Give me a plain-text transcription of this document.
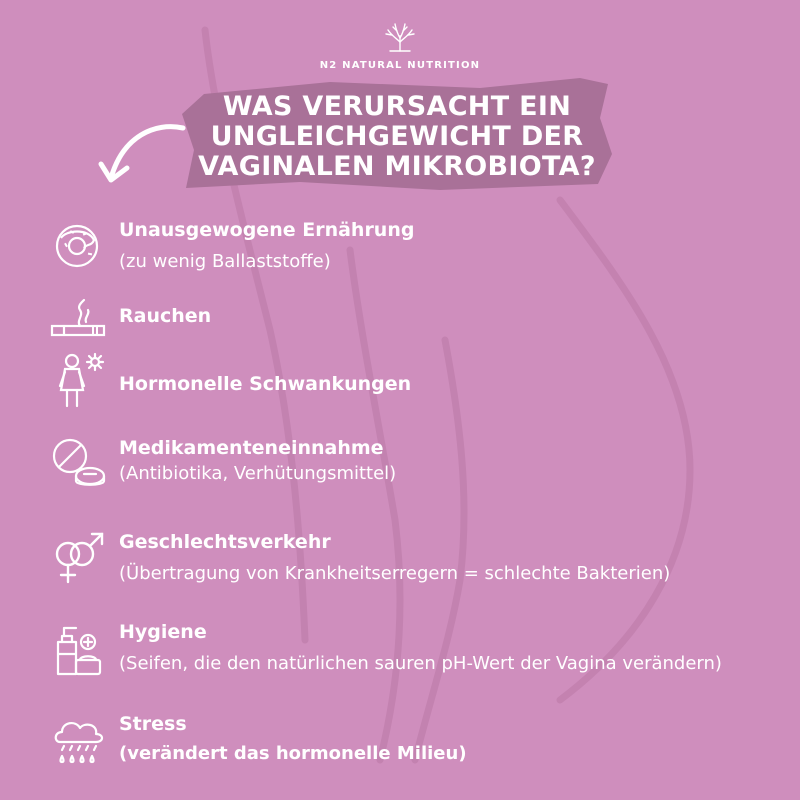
N2 NATURAL NUTRITION
WAS VERURSACHT EIN
UNGLEICHGEWICHT DER
VAGINALEN MIKROBIOTA?
Unausgewogene Ernährung
(zu wenig Ballaststoffe)
Rauchen
Hormonelle Schwankungen
Medikamenteneinnahme
(Antibiotika, Verhütungsmittel)
Geschlechtsverkehr
(Übertragung von Krankheitserregern = schlechte Bakterien)
Hygiene
(Seifen, die den natürlichen sauren pH-Wert der Vagina verändern)
Stress
(verändert das hormonelle Milieu)
